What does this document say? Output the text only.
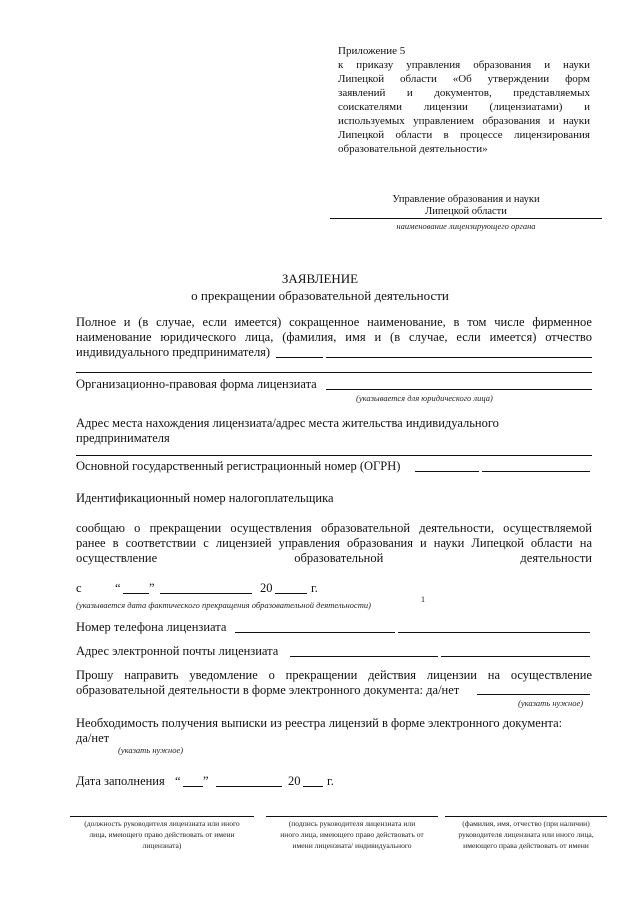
Приложение 5
к приказу управления образования и науки
Липецкой области «Об утверждении форм
заявлений и документов, представляемых
соискателями лицензии (лицензиатами) и
используемых управлением образования и науки
Липецкой области в процессе лицензирования
образовательной деятельности»
Управление образования и науки
Липецкой области
наименование лицензирующего органа
ЗАЯВЛЕНИЕ
о прекращении образовательной деятельности
Полное и (в случае, если имеется) сокращенное наименование, в том числе фирменное
наименование юридического лица, (фамилия, имя и (в случае, если имеется) отчество
индивидуального предпринимателя)
Организационно-правовая форма лицензиата
(указывается для юридического лица)
Адрес места нахождения лицензиата/адрес места жительства индивидуального
предпринимателя
Основной государственный регистрационный номер (ОГРН)
Идентификационный номер налогоплательщика
сообщаю о прекращении осуществления образовательной деятельности, осуществляемой
ранее в соответствии с лицензией управления образования и науки Липецкой области на
осуществление	образовательной	деятельности
с	“ ”	20	г.
(указывается дата фактического прекращения образовательной деятельности)
1
Номер телефона лицензиата
Адрес электронной почты лицензиата
Прошу направить уведомление о прекращении действия лицензии на осуществление
образовательной деятельности в форме электронного документа: да/нет
(указать нужное)
Необходимость получения выписки из реестра лицензий в форме электронного документа:
да/нет
(указать нужное)
Дата заполнения “ ”	20 г.
(должность руководителя лицензиата или иного
лица, имеющего право действовать от имени
лицензиата)
(подпись руководителя лицензиата или
иного лица, имеющего право действовать от
имени лицензиата/ индивидуального
(фамилия, имя, отчество (при наличии)
руководителя лицензиата или иного лица,
имеющего права действовать от имени
